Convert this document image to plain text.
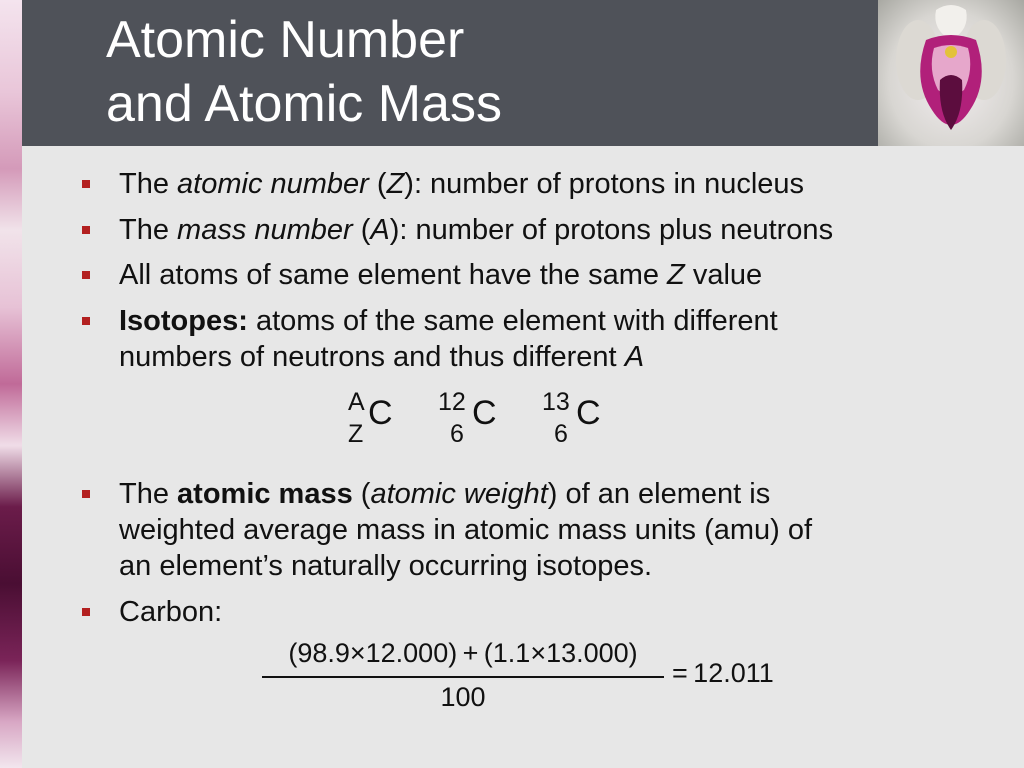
Atomic Number
and Atomic Mass
The atomic number (Z): number of protons in nucleus
The mass number (A): number of protons plus neutrons
All atoms of same element have the same Z value
Isotopes: atoms of the same element with different
numbers of neutrons and thus different A
A
Z
C 12
6
C 13
6
C
The atomic mass (atomic weight) of an element is
weighted average mass in atomic mass units (amu) of
an element’s naturally occurring isotopes.
Carbon:
(98.9×12.000) + (1.1×13.000)
100
= 12.011
